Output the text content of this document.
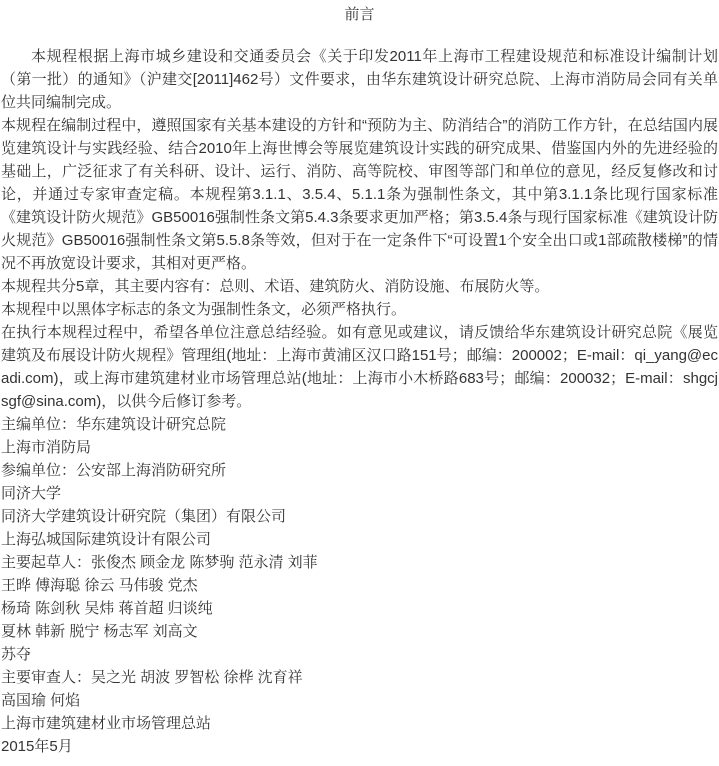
前言

本规程根据上海市城乡建设和交通委员会《关于印发2011年上海市工程建设规范和标准设计编制计划（第一批）的通知》（沪建交[2011]462号）文件要求，由华东建筑设计研究总院、上海市消防局会同有关单位共同编制完成。

本规程在编制过程中，遵照国家有关基本建设的方针和“预防为主、防消结合”的消防工作方针，在总结国内展览建筑设计与实践经验、结合2010年上海世博会等展览建筑设计实践的研究成果、借鉴国内外的先进经验的基础上，广泛征求了有关科研、设计、运行、消防、高等院校、审图等部门和单位的意见，经反复修改和讨论，并通过专家审查定稿。本规程第3.1.1、3.5.4、5.1.1条为强制性条文，其中第3.1.1条比现行国家标准《建筑设计防火规范》GB50016强制性条文第5.4.3条要求更加严格；第3.5.4条与现行国家标准《建筑设计防火规范》GB50016强制性条文第5.5.8条等效，但对于在一定条件下“可设置1个安全出口或1部疏散楼梯”的情况不再放宽设计要求，其相对更严格。

本规程共分5章，其主要内容有：总则、术语、建筑防火、消防设施、布展防火等。

本规程中以黑体字标志的条文为强制性条文，必须严格执行。

在执行本规程过程中，希望各单位注意总结经验。如有意见或建议，请反馈给华东建筑设计研究总院《展览建筑及布展设计防火规程》管理组(地址：上海市黄浦区汉口路151号；邮编：200002；E-mail：qi_yang@ecadi.com)，或上海市建筑建材业市场管理总站(地址：上海市小木桥路683号；邮编：200032；E-mail：shgcjsgf@sina.com)，以供今后修订参考。

主编单位：华东建筑设计研究总院

上海市消防局

参编单位：公安部上海消防研究所

同济大学

同济大学建筑设计研究院（集团）有限公司

上海弘城国际建筑设计有限公司

主要起草人：张俊杰 顾金龙 陈梦驹 范永清 刘菲

王晔 傅海聪 徐云 马伟骏 党杰

杨琦 陈剑秋 吴炜 蒋首超 归谈纯

夏林 韩新 脱宁 杨志军 刘高文

苏夺

主要审查人：吴之光 胡波 罗智松 徐桦 沈育祥

高国瑜 何焰

上海市建筑建材业市场管理总站

2015年5月
